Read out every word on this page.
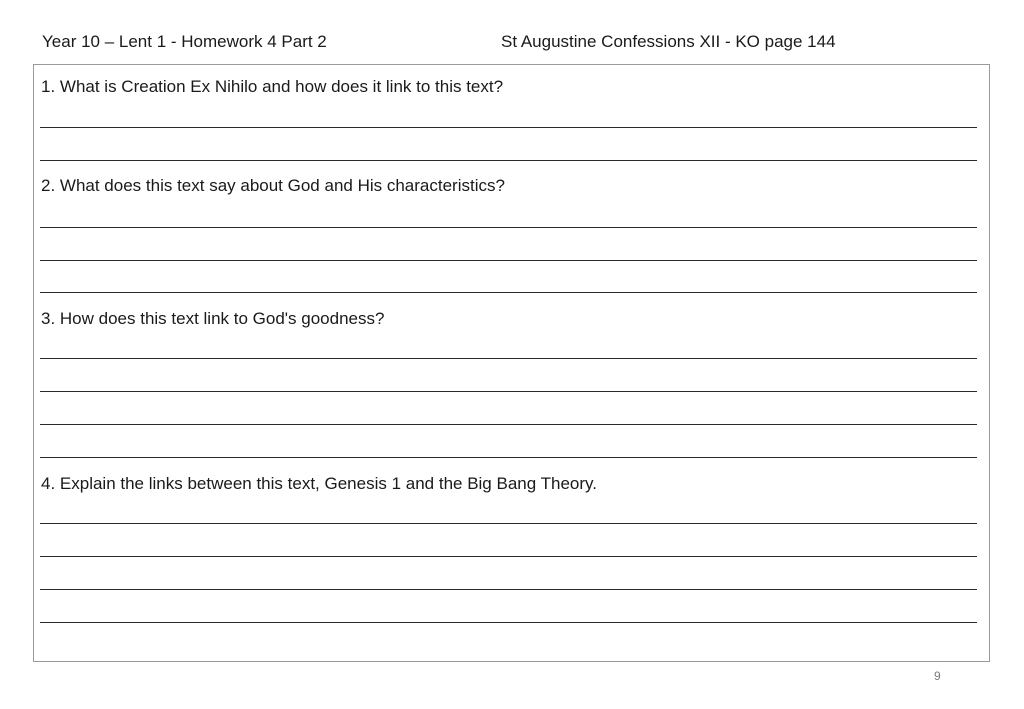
Year 10 – Lent 1 - Homework 4 Part 2	St Augustine Confessions XII - KO page 144
1. What is Creation Ex Nihilo and how does it link to this text?
2. What does this text say about God and His characteristics?
3. How does this text link to God's goodness?
4. Explain the links between this text, Genesis 1 and the Big Bang Theory.
9
